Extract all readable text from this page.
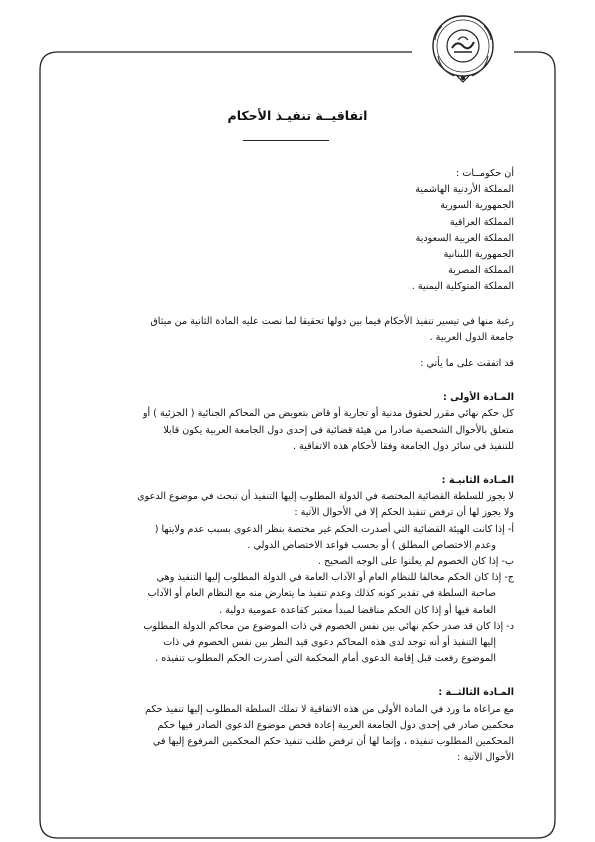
اتفاقيــة تنفيـذ الأحكام

أن حكومــات :

المملكة الأردنية الهاشمية

الجمهورية السورية

المملكة العراقية

المملكة العربية السعودية

الجمهورية اللبنانية

المملكة المصرية

المملكة المتوكلية اليمنية .

رغبة منها في تيسير تنفيذ الأحكام فيما بين دولها تحقيقا لما نصت عليه المادة الثانية من ميثاق

جامعة الدول العربية .

قد اتفقت على ما يأتي :

المـادة الأولى :

كل حكم نهائي مقرر لحقوق مدنية أو تجارية أو قاض بتعويض من المحاكم الجنائية ( الجزئية ) أو

متعلق بالأحوال الشخصية صادرا من هيئة قضائية في إحدى دول الجامعة العربية يكون قابلا

للتنفيذ في سائر دول الجامعة وفقا لأحكام هذه الاتفاقية .

المـادة الثانيـة :

لا يجوز للسلطة القضائية المختصة في الدولة المطلوب إليها التنفيذ أن تبحث في موضوع الدعوى

ولا يجوز لها أن ترفض تنفيذ الحكم إلا في الأحوال الآتية :

أ- إذا كانت الهيئة القضائية التي أصدرت الحكم غير مختصة بنظر الدعوى بسبب عدم ولايتها (

وعدم الاختصاص المطلق ) أو بحسب قواعد الاختصاص الدولي .

ب- إذا كان الخصوم لم يعلنوا على الوجه الصحيح .

ج- إذا كان الحكم مخالفا للنظام العام أو الآداب العامة في الدولة المطلوب إليها التنفيذ وهي

صاحبة السلطة في تقدير كونه كذلك وعدم تنفيذ ما يتعارض منه مع النظام العام أو الآداب

العامة فيها أو إذا كان الحكم مناقضا لمبدأ معتبر كقاعدة عمومية دولية .

د- إذا كان قد صدر حكم نهائي بين نفس الخصوم في ذات الموضوع من محاكم الدولة المطلوب

إليها التنفيذ أو أنه توجد لدى هذه المحاكم دعوى قيد النظر بين نفس الخصوم في ذات

الموضوع رفعت قبل إقامة الدعوى أمام المحكمة التي أصدرت الحكم المطلوب تنفيذه .

المـادة الثالثــة :

مع مراعاة ما ورد في المادة الأولى من هذه الاتفاقية لا تملك السلطة المطلوب إليها تنفيذ حكم

محكمين صادر في إحدى دول الجامعة العربية إعادة فحص موضوع الدعوى الصادر فيها حكم

المحكمين المطلوب تنفيذه ، وإنما لها أن ترفض طلب تنفيذ حكم المحكمين المرفوع إليها في

الأحوال الآتية :
